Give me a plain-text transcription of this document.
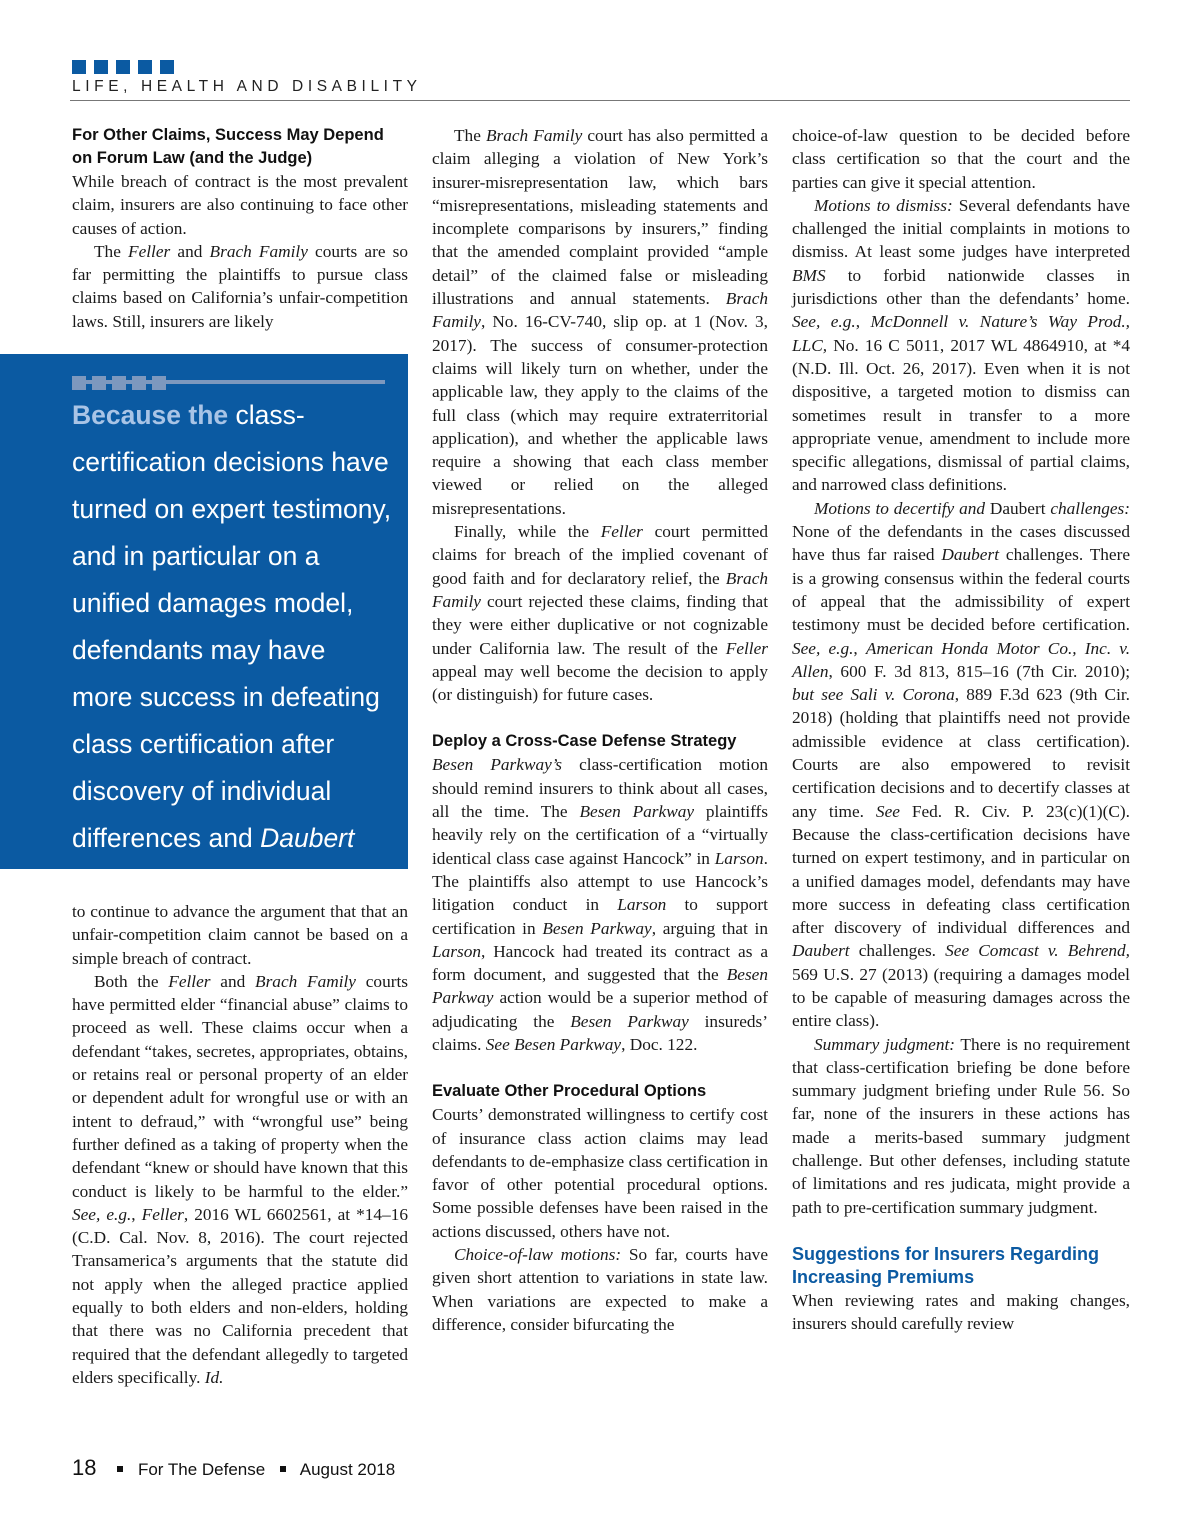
LIFE, HEALTH AND DISABILITY
For Other Claims, Success May Depend on Forum Law (and the Judge)

While breach of contract is the most prevalent claim, insurers are also continuing to face other causes of action.

The Feller and Brach Family courts are so far permitting the plaintiffs to pursue class claims based on California’s unfair-competition laws. Still, insurers are likely

Because the class-certification decisions have turned on expert testimony, and in particular on a unified damages model, defendants may have more success in defeating class certification after discovery of individual differences and Daubert challenges.

to continue to advance the argument that that an unfair-competition claim cannot be based on a simple breach of contract.

Both the Feller and Brach Family courts have permitted elder “financial abuse” claims to proceed as well. These claims occur when a defendant “takes, secretes, appropriates, obtains, or retains real or personal property of an elder or dependent adult for wrongful use or with an intent to defraud,” with “wrongful use” being further defined as a taking of property when the defendant “knew or should have known that this conduct is likely to be harmful to the elder.” See, e.g., Feller, 2016 WL 6602561, at *14–16 (C.D. Cal. Nov. 8, 2016). The court rejected Transamerica’s arguments that the statute did not apply when the alleged practice applied equally to both elders and non-elders, holding that there was no California precedent that required that the defendant allegedly to targeted elders specifically. Id.

The Brach Family court has also permitted a claim alleging a violation of New York’s insurer-misrepresentation law, which bars “misrepresentations, misleading statements and incomplete comparisons by insurers,” finding that the amended complaint provided “ample detail” of the claimed false or misleading illustrations and annual statements. Brach Family, No. 16-CV-740, slip op. at 1 (Nov. 3, 2017). The success of consumer-protection claims will likely turn on whether, under the applicable law, they apply to the claims of the full class (which may require extraterritorial application), and whether the applicable laws require a showing that each class member viewed or relied on the alleged misrepresentations.

Finally, while the Feller court permitted claims for breach of the implied covenant of good faith and for declaratory relief, the Brach Family court rejected these claims, finding that they were either duplicative or not cognizable under California law. The result of the Feller appeal may well become the decision to apply (or distinguish) for future cases.

Deploy a Cross-Case Defense Strategy

Besen Parkway’s class-certification motion should remind insurers to think about all cases, all the time. The Besen Parkway plaintiffs heavily rely on the certification of a “virtually identical class case against Hancock” in Larson. The plaintiffs also attempt to use Hancock’s litigation conduct in Larson to support certification in Besen Parkway, arguing that in Larson, Hancock had treated its contract as a form document, and suggested that the Besen Parkway action would be a superior method of adjudicating the Besen Parkway insureds’ claims. See Besen Parkway, Doc. 122.

Evaluate Other Procedural Options

Courts’ demonstrated willingness to certify cost of insurance class action claims may lead defendants to de-emphasize class certification in favor of other potential procedural options. Some possible defenses have been raised in the actions discussed, others have not.

Choice-of-law motions: So far, courts have given short attention to variations in state law. When variations are expected to make a difference, consider bifurcating the

choice-of-law question to be decided before class certification so that the court and the parties can give it special attention.

Motions to dismiss: Several defendants have challenged the initial complaints in motions to dismiss. At least some judges have interpreted BMS to forbid nationwide classes in jurisdictions other than the defendants’ home. See, e.g., McDonnell v. Nature’s Way Prod., LLC, No. 16 C 5011, 2017 WL 4864910, at *4 (N.D. Ill. Oct. 26, 2017). Even when it is not dispositive, a targeted motion to dismiss can sometimes result in transfer to a more appropriate venue, amendment to include more specific allegations, dismissal of partial claims, and narrowed class definitions.

Motions to decertify and Daubert challenges: None of the defendants in the cases discussed have thus far raised Daubert challenges. There is a growing consensus within the federal courts of appeal that the admissibility of expert testimony must be decided before certification. See, e.g., American Honda Motor Co., Inc. v. Allen, 600 F. 3d 813, 815–16 (7th Cir. 2010); but see Sali v. Corona, 889 F.3d 623 (9th Cir. 2018) (holding that plaintiffs need not provide admissible evidence at class certification). Courts are also empowered to revisit certification decisions and to decertify classes at any time. See Fed. R. Civ. P. 23(c)(1)(C). Because the class-certification decisions have turned on expert testimony, and in particular on a unified damages model, defendants may have more success in defeating class certification after discovery of individual differences and Daubert challenges. See Comcast v. Behrend, 569 U.S. 27 (2013) (requiring a damages model to be capable of measuring damages across the entire class).

Summary judgment: There is no requirement that class-certification briefing be done before summary judgment briefing under Rule 56. So far, none of the insurers in these actions has made a merits-based summary judgment challenge. But other defenses, including statute of limitations and res judicata, might provide a path to pre-certification summary judgment.

Suggestions for Insurers Regarding Increasing Premiums

When reviewing rates and making changes, insurers should carefully review

18 For The Defense August 2018
